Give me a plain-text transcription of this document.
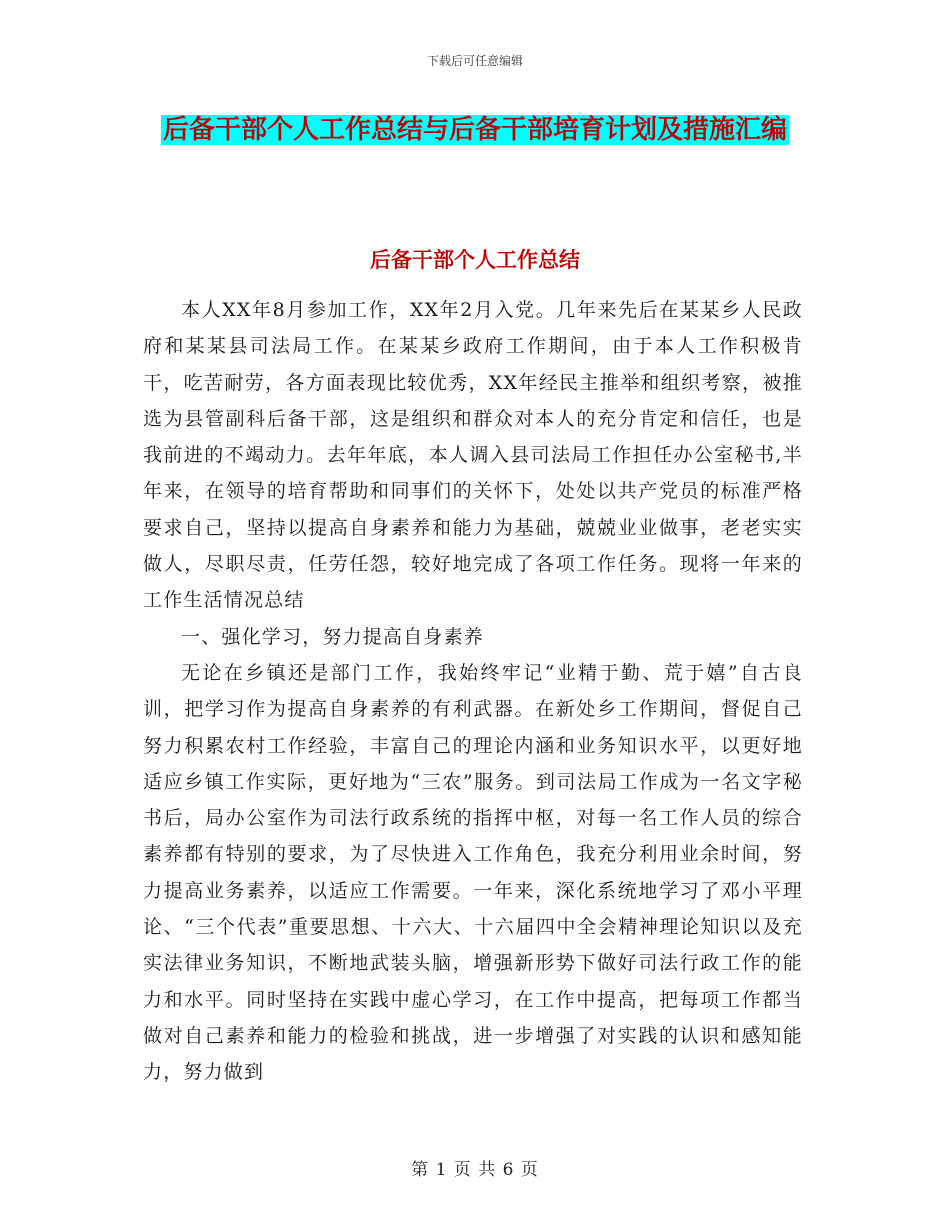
下载后可任意编辑
后备干部个人工作总结与后备干部培育计划及措施汇编
后备干部个人工作总结

本人XX年8月参加工作，XX年2月入党。几年来先后在某某乡人民政府和某某县司法局工作。在某某乡政府工作期间，由于本人工作积极肯干，吃苦耐劳，各方面表现比较优秀，XX年经民主推举和组织考察，被推选为县管副科后备干部，这是组织和群众对本人的充分肯定和信任，也是我前进的不竭动力。去年年底，本人调入县司法局工作担任办公室秘书,半年来，在领导的培育帮助和同事们的关怀下，处处以共产党员的标准严格要求自己，坚持以提高自身素养和能力为基础，兢兢业业做事，老老实实做人，尽职尽责，任劳任怨，较好地完成了各项工作任务。现将一年来的工作生活情况总结

一、强化学习，努力提高自身素养

无论在乡镇还是部门工作，我始终牢记“业精于勤、荒于嬉”自古良训，把学习作为提高自身素养的有利武器。在新处乡工作期间，督促自己努力积累农村工作经验，丰富自己的理论内涵和业务知识水平，以更好地适应乡镇工作实际，更好地为“三农”服务。到司法局工作成为一名文字秘书后，局办公室作为司法行政系统的指挥中枢，对每一名工作人员的综合素养都有特别的要求，为了尽快进入工作角色，我充分利用业余时间，努力提高业务素养，以适应工作需要。一年来，深化系统地学习了邓小平理论、“三个代表”重要思想、十六大、十六届四中全会精神理论知识以及充实法律业务知识，不断地武装头脑，增强新形势下做好司法行政工作的能力和水平。同时坚持在实践中虚心学习，在工作中提高，把每项工作都当做对自己素养和能力的检验和挑战，进一步增强了对实践的认识和感知能力，努力做到

第 1 页 共 6 页
